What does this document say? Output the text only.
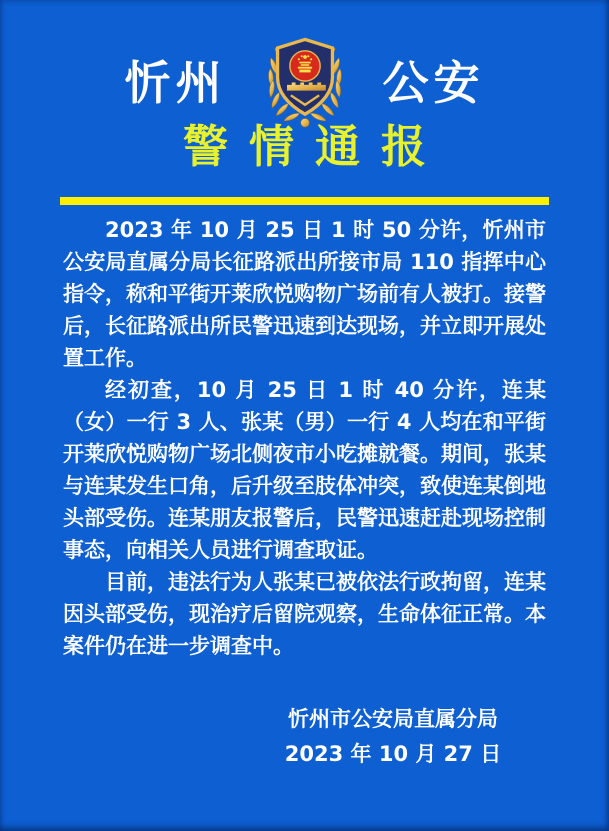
忻州	公安
警情通报

2023 年 10 月 25 日 1 时 50 分许，忻州市公安局直属分局长征路派出所接市局 110 指挥中心指令，称和平街开莱欣悦购物广场前有人被打。接警后，长征路派出所民警迅速到达现场，并立即开展处置工作。

经初查，10 月 25 日 1 时 40 分许，连某（女）一行 3 人、张某（男）一行 4 人均在和平街开莱欣悦购物广场北侧夜市小吃摊就餐。期间，张某与连某发生口角，后升级至肢体冲突，致使连某倒地头部受伤。连某朋友报警后，民警迅速赶赴现场控制事态，向相关人员进行调查取证。

目前，违法行为人张某已被依法行政拘留，连某因头部受伤，现治疗后留院观察，生命体征正常。本案件仍在进一步调查中。

忻州市公安局直属分局
2023 年 10 月 27 日
